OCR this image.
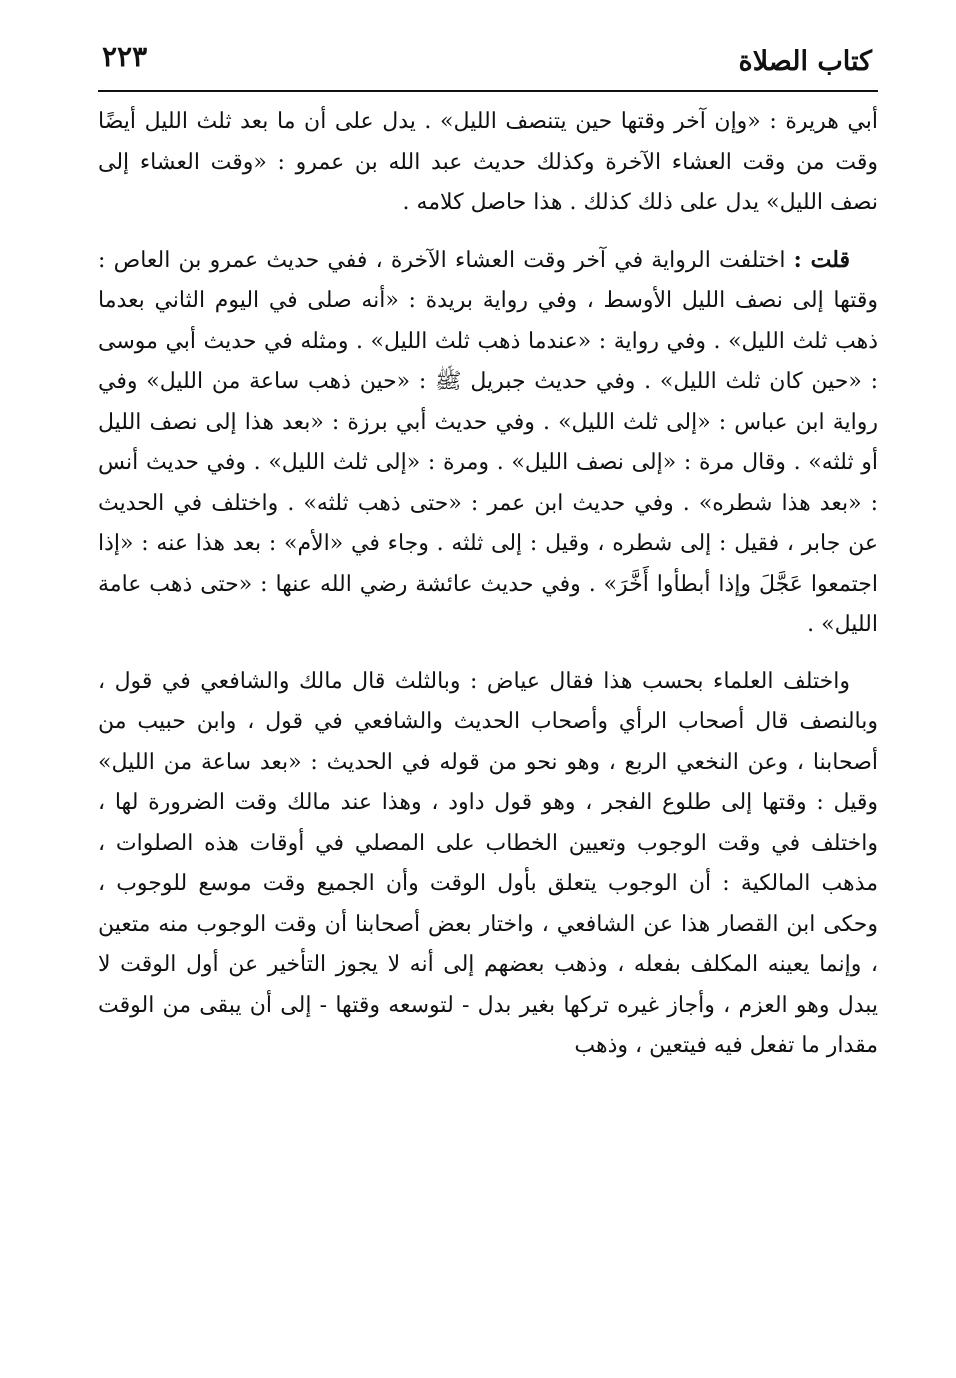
كتاب الصلاة
٢٢٣

أبي هريرة : «وإن آخر وقتها حين يتنصف الليل» . يدل على أن ما بعد ثلث الليل أيضًا وقت من وقت العشاء الآخرة وكذلك حديث عبد الله بن عمرو : «وقت العشاء إلى نصف الليل» يدل على ذلك كذلك . هذا حاصل كلامه .

قلت : اختلفت الرواية في آخر وقت العشاء الآخرة ، ففي حديث عمرو بن العاص : وقتها إلى نصف الليل الأوسط ، وفي رواية بريدة : «أنه صلى في اليوم الثاني بعدما ذهب ثلث الليل» . وفي رواية : «عندما ذهب ثلث الليل» . ومثله في حديث أبي موسى : «حين كان ثلث الليل» . وفي حديث جبريل ﷺ : «حين ذهب ساعة من الليل» وفي رواية ابن عباس : «إلى ثلث الليل» . وفي حديث أبي برزة : «بعد هذا إلى نصف الليل أو ثلثه» . وقال مرة : «إلى نصف الليل» . ومرة : «إلى ثلث الليل» . وفي حديث أنس : «بعد هذا شطره» . وفي حديث ابن عمر : «حتى ذهب ثلثه» . واختلف في الحديث عن جابر ، فقيل : إلى شطره ، وقيل : إلى ثلثه . وجاء في «الأم» : بعد هذا عنه : «إذا اجتمعوا عَجَّلَ وإذا أبطأوا أَخَّرَ» . وفي حديث عائشة رضي الله عنها : «حتى ذهب عامة الليل» .

واختلف العلماء بحسب هذا فقال عياض : وبالثلث قال مالك والشافعي في قول ، وبالنصف قال أصحاب الرأي وأصحاب الحديث والشافعي في قول ، وابن حبيب من أصحابنا ، وعن النخعي الربع ، وهو نحو من قوله في الحديث : «بعد ساعة من الليل» وقيل : وقتها إلى طلوع الفجر ، وهو قول داود ، وهذا عند مالك وقت الضرورة لها ، واختلف في وقت الوجوب وتعيين الخطاب على المصلي في أوقات هذه الصلوات ، مذهب المالكية : أن الوجوب يتعلق بأول الوقت وأن الجميع وقت موسع للوجوب ، وحكى ابن القصار هذا عن الشافعي ، واختار بعض أصحابنا أن وقت الوجوب منه متعين ، وإنما يعينه المكلف بفعله ، وذهب بعضهم إلى أنه لا يجوز التأخير عن أول الوقت لا يبدل وهو العزم ، وأجاز غيره تركها بغير بدل - لتوسعه وقتها - إلى أن يبقى من الوقت مقدار ما تفعل فيه فيتعين ، وذهب
